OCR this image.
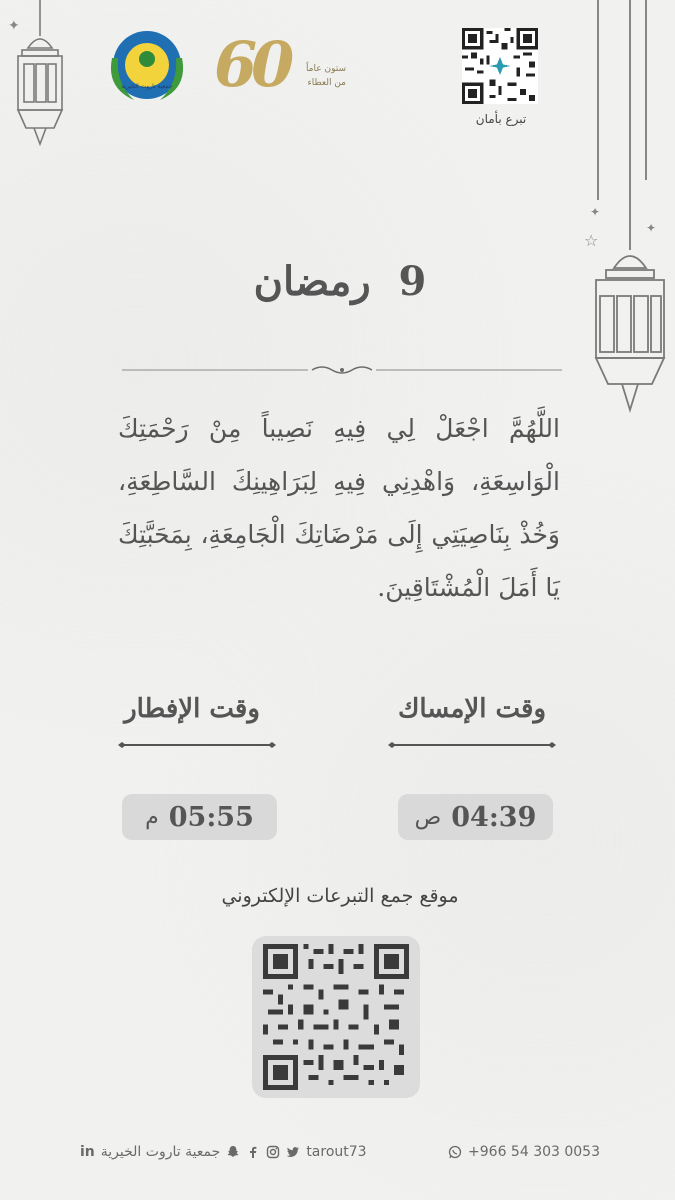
✦
☆
✦
✦
جمعية تاروت الخيرية 60 ستون عاماً
من العطاء
تبرع بأمان
9  رمضان
اللَّهُمَّ اجْعَلْ لِي فِيهِ نَصِيباً مِنْ رَحْمَتِكَ الْوَاسِعَةِ، وَاهْدِنِي فِيهِ لِبَرَاهِينِكَ السَّاطِعَةِ، وَخُذْ بِنَاصِيَتِي إِلَى مَرْضَاتِكَ الْجَامِعَةِ، بِمَحَبَّتِكَ يَا أَمَلَ الْمُشْتَاقِينَ.
وقت الإمساك
وقت الإفطار
04:39
ص
05:55
م
موقع جمع التبرعات الإلكتروني
in جمعية تاروت الخيرية	tarout73	+966 54 303 0053
